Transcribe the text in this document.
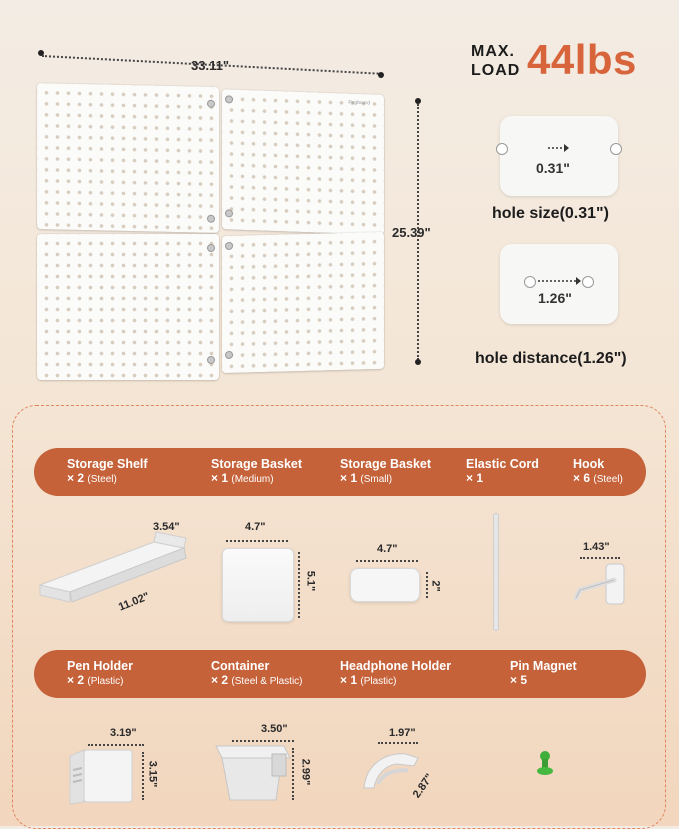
33.11"
25.39"
Pegboard
MAX.
LOAD 44lbs
0.31"
hole size(0.31")
1.26"
hole distance(1.26")
Storage Shelf
× 2 (Steel)
Storage Basket
× 1 (Medium)
Storage Basket
× 1 (Small)
Elastic Cord
× 1
Hook
× 6 (Steel)
3.54"
11.02"
4.7"
5.1"
4.7"
2"
1.43"
Pen Holder
× 2 (Plastic)
Container
× 2 (Steel & Plastic)
Headphone Holder
× 1 (Plastic)
Pin Magnet
× 5
3.19"
3.15"
3.50"
2.99"
1.97"
2.87"
